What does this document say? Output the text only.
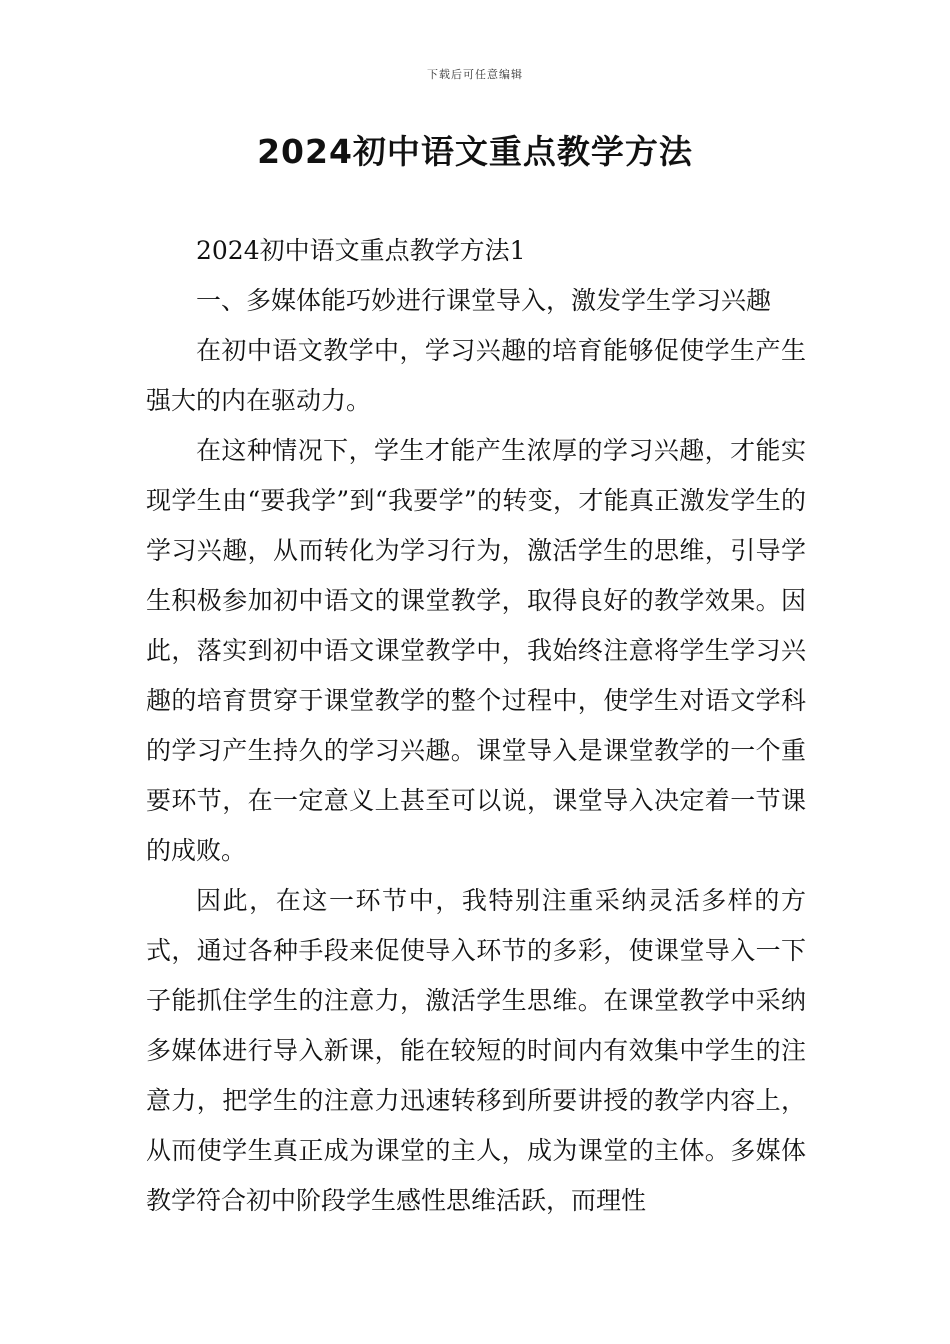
下载后可任意编辑
2024初中语文重点教学方法

2024初中语文重点教学方法1

一、多媒体能巧妙进行课堂导入，激发学生学习兴趣

在初中语文教学中，学习兴趣的培育能够促使学生产生强大的内在驱动力。

在这种情况下，学生才能产生浓厚的学习兴趣，才能实现学生由“要我学”到“我要学”的转变，才能真正激发学生的学习兴趣，从而转化为学习行为，激活学生的思维，引导学生积极参加初中语文的课堂教学，取得良好的教学效果。因此，落实到初中语文课堂教学中，我始终注意将学生学习兴趣的培育贯穿于课堂教学的整个过程中，使学生对语文学科的学习产生持久的学习兴趣。课堂导入是课堂教学的一个重要环节，在一定意义上甚至可以说，课堂导入决定着一节课的成败。

因此，在这一环节中，我特别注重采纳灵活多样的方式，通过各种手段来促使导入环节的多彩，使课堂导入一下子能抓住学生的注意力，激活学生思维。在课堂教学中采纳多媒体进行导入新课，能在较短的时间内有效集中学生的注意力，把学生的注意力迅速转移到所要讲授的教学内容上，从而使学生真正成为课堂的主人，成为课堂的主体。多媒体教学符合初中阶段学生感性思维活跃，而理性
